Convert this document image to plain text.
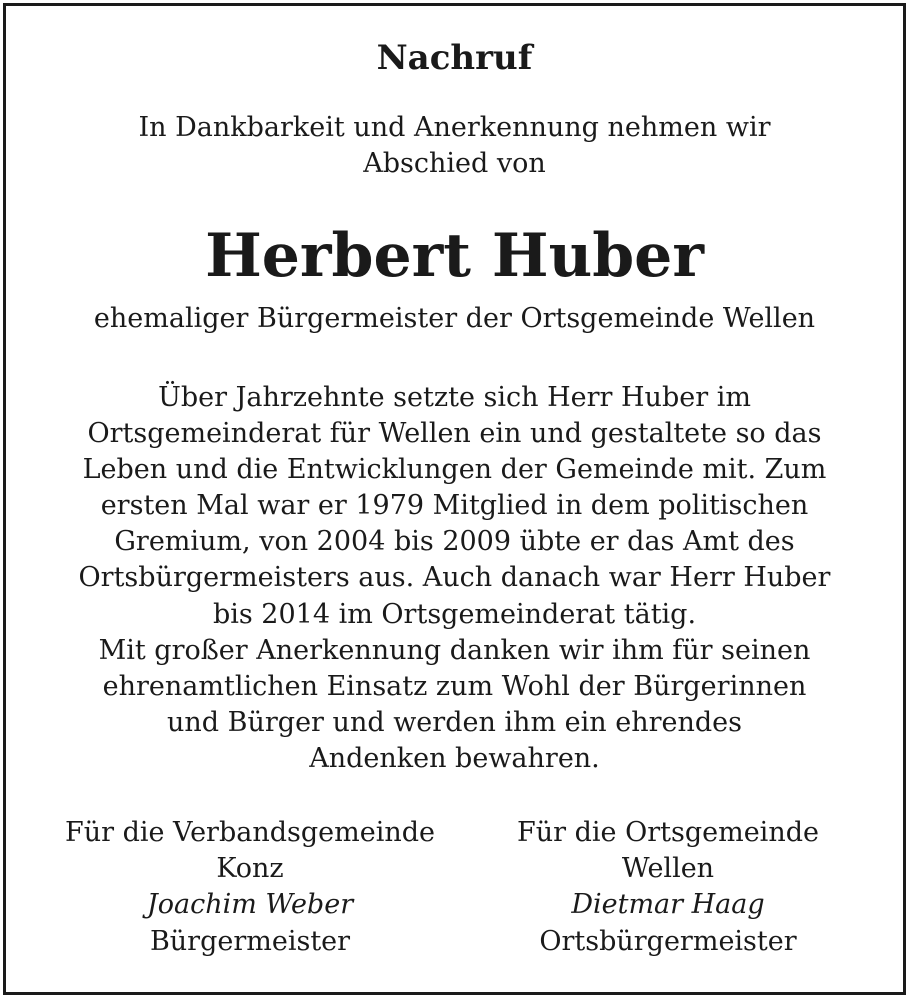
Nachruf
In Dankbarkeit und Anerkennung nehmen wir
Abschied von
Herbert Huber
ehemaliger Bürgermeister der Ortsgemeinde Wellen
Über Jahrzehnte setzte sich Herr Huber im
Ortsgemeinderat für Wellen ein und gestaltete so das
Leben und die Entwicklungen der Gemeinde mit. Zum
ersten Mal war er 1979 Mitglied in dem politischen
Gremium, von 2004 bis 2009 übte er das Amt des
Ortsbürgermeisters aus. Auch danach war Herr Huber
bis 2014 im Ortsgemeinderat tätig.
Mit großer Anerkennung danken wir ihm für seinen
ehrenamtlichen Einsatz zum Wohl der Bürgerinnen
und Bürger und werden ihm ein ehrendes
Andenken bewahren.
Für die Verbandsgemeinde
Konz
Joachim Weber
Bürgermeister
Für die Ortsgemeinde
Wellen
Dietmar Haag
Ortsbürgermeister
